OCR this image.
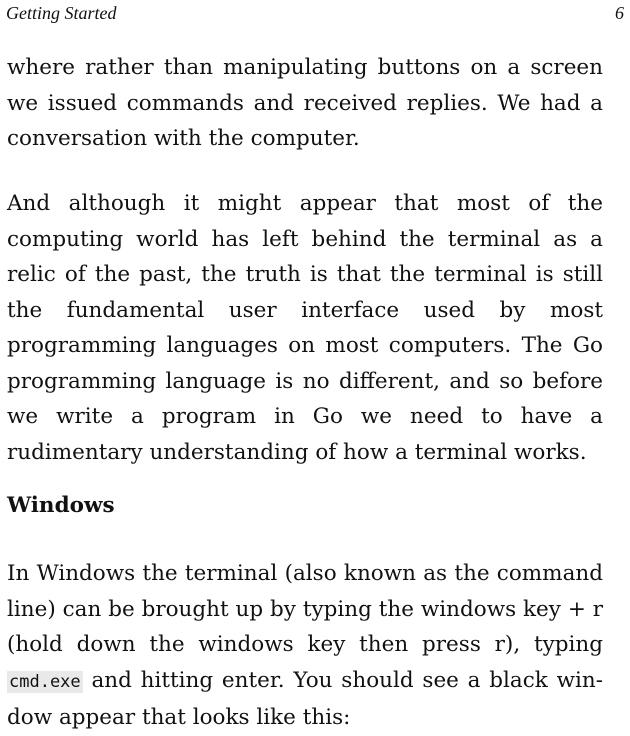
Getting Started	6

where rather than manipulating buttons on a screen we issued commands and received replies. We had a conversation with the computer.

And although it might appear that most of the computing world has left behind the terminal as a relic of the past, the truth is that the terminal is still the fundamental user interface used by most programming languages on most computers. The Go programming language is no different, and so before we write a program in Go we need to have a rudimentary understanding of how a terminal works.

Windows

In Windows the terminal (also known as the command line) can be brought up by typing the windows key + r (hold down the windows key then press r), typing cmd.exe and hitting enter. You should see a black window appear that looks like this:
